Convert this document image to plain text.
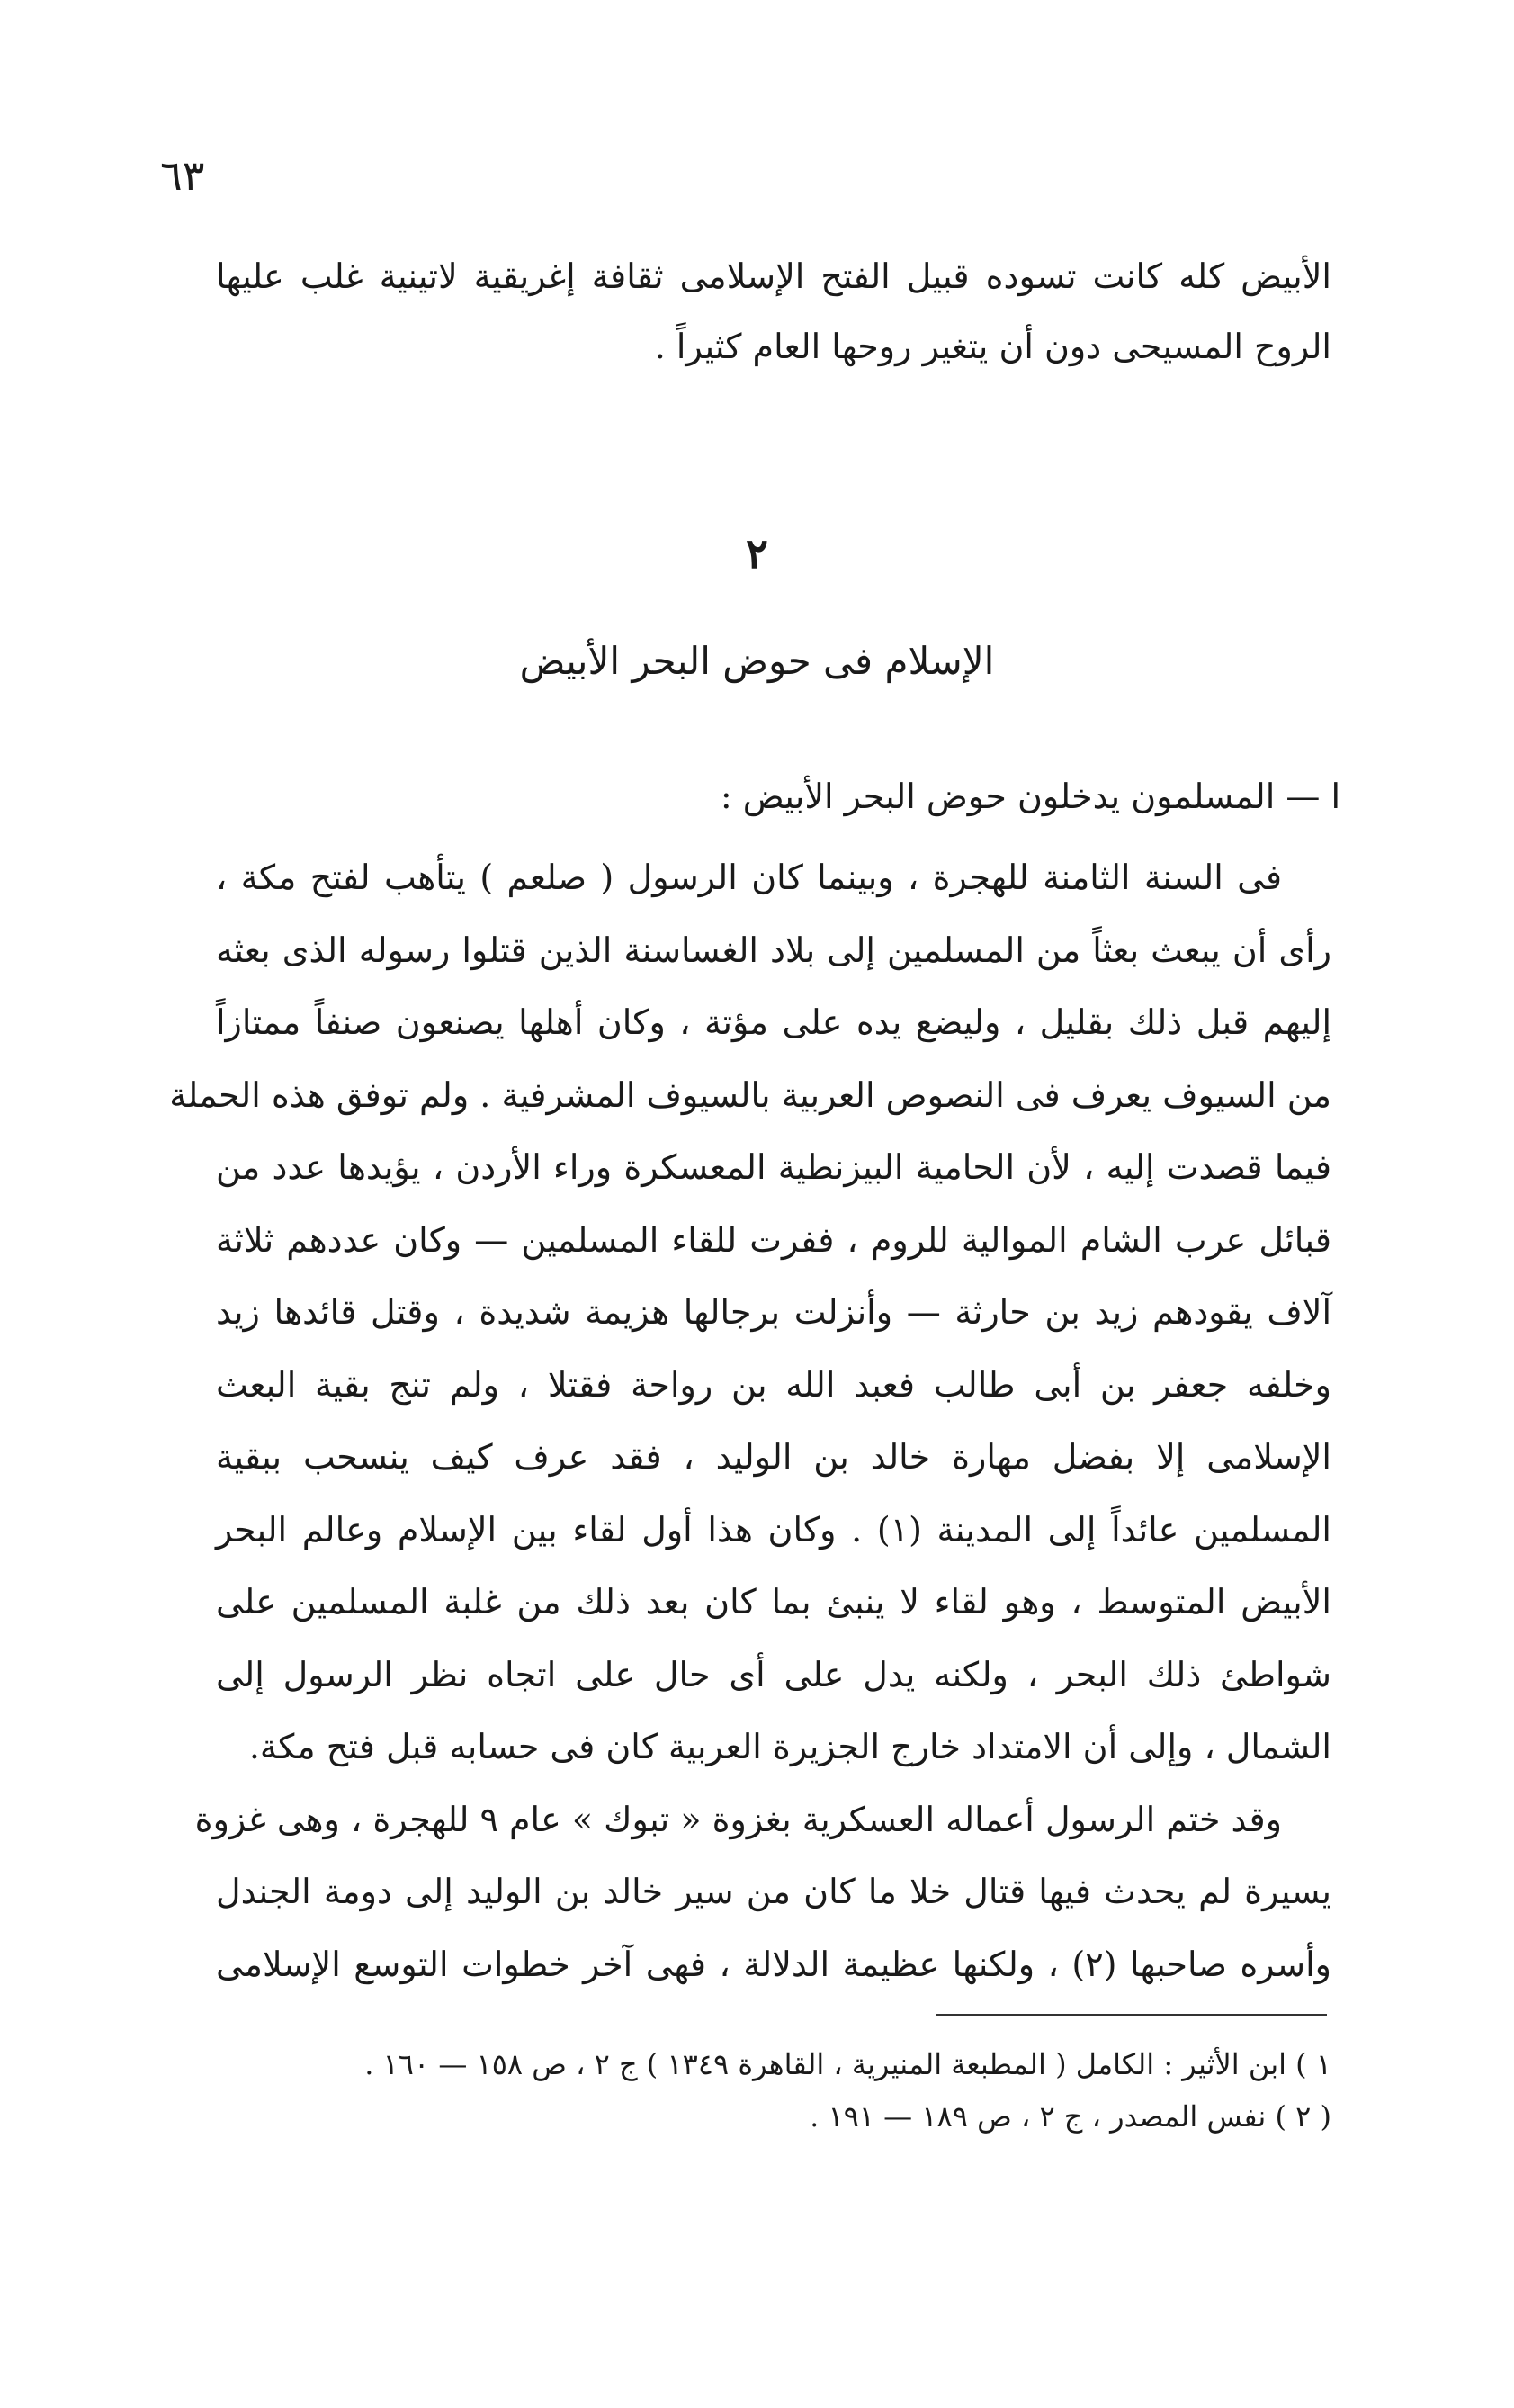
٦٣
الأبيض كله كانت تسوده قبيل الفتح الإسلامى ثقافة إغريقية لاتينية غلب عليها
الروح المسيحى دون أن يتغير روحها العام كثيراً .
٢
الإسلام فى حوض البحر الأبيض
ا — المسلمون يدخلون حوض البحر الأبيض :
فى السنة الثامنة للهجرة ، وبينما كان الرسول ( صلعم ) يتأهب لفتح مكة ،
رأى أن يبعث بعثاً من المسلمين إلى بلاد الغساسنة الذين قتلوا رسوله الذى بعثه
إليهم قبل ذلك بقليل ، وليضع يده على مؤتة ، وكان أهلها يصنعون صنفاً ممتازاً
من السيوف يعرف فى النصوص العربية بالسيوف المشرفية . ولم توفق هذه الحملة
فيما قصدت إليه ، لأن الحامية البيزنطية المعسكرة وراء الأردن ، يؤيدها عدد من
قبائل عرب الشام الموالية للروم ، ففرت للقاء المسلمين — وكان عددهم ثلاثة
آلاف يقودهم زيد بن حارثة — وأنزلت برجالها هزيمة شديدة ، وقتل قائدها زيد
وخلفه جعفر بن أبى طالب فعبد الله بن رواحة فقتلا ، ولم تنج بقية البعث
الإسلامى إلا بفضل مهارة خالد بن الوليد ، فقد عرف كيف ينسحب ببقية
المسلمين عائداً إلى المدينة (١) . وكان هذا أول لقاء بين الإسلام وعالم البحر
الأبيض المتوسط ، وهو لقاء لا ينبئ بما كان بعد ذلك من غلبة المسلمين على
شواطئ ذلك البحر ، ولكنه يدل على أى حال على اتجاه نظر الرسول إلى
الشمال ، وإلى أن الامتداد خارج الجزيرة العربية كان فى حسابه قبل فتح مكة.
وقد ختم الرسول أعماله العسكرية بغزوة « تبوك » عام ٩ للهجرة ، وهى غزوة
يسيرة لم يحدث فيها قتال خلا ما كان من سير خالد بن الوليد إلى دومة الجندل
وأسره صاحبها (٢) ، ولكنها عظيمة الدلالة ، فهى آخر خطوات التوسع الإسلامى
١ ) ابن الأثير : الكامل ( المطبعة المنيرية ، القاهرة ١٣٤٩ ) ج ٢ ، ص ١٥٨ — ١٦٠ .
( ٢ ) نفس المصدر ، ج ٢ ، ص ١٨٩ — ١٩١ .
